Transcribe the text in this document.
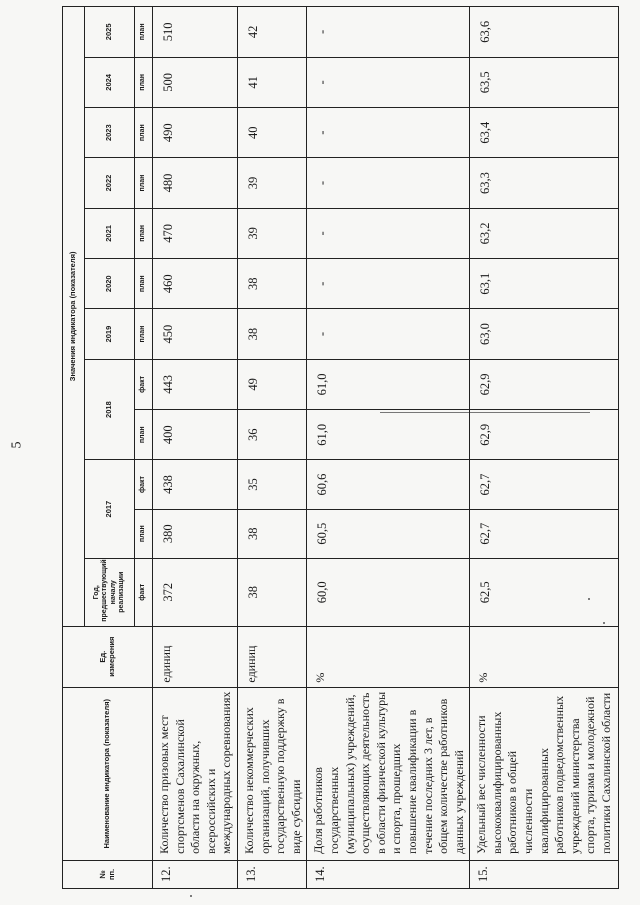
5
№ пп.	Наименование индикатора (показателя)	Ед. измерения	Значения индикатора (показателя)											
			Год, предшествующий началу реализации	2017		2018		2019	2020	2021	2022	2023	2024	2025
			факт	план	факт	план	факт	план	план	план	план	план	план	план
12.	Количество призовых мест спортсменов Сахалинской области на окружных, всероссийских и международных соревнованиях	единиц	372	380	438	400	443	450	460	470	480	490	500	510
13.	Количество некоммерческих организаций, получивших государственную поддержку в виде субсидии	единиц	38	38	35	36	49	38	38	39	39	40	41	42
14.	Доля работников государственных (муниципальных) учреждений, осуществляющих деятельность в области физической культуры и спорта, прошедших повышение квалификации в течение последних 3 лет, в общем количестве работников данных учреждений	%	60,0	60,5	60,6	61,0	61,0	-	-	-	-	-	-	-
15.	Удельный вес численности высококвалифицированных работников в общей численности квалифицированных работников подведомственных учреждений министерства спорта, туризма и молодежной политики Сахалинской области	%	62,5	62,7	62,7	62,9	62,9	63,0	63,1	63,2	63,3	63,4	63,5	63,6
